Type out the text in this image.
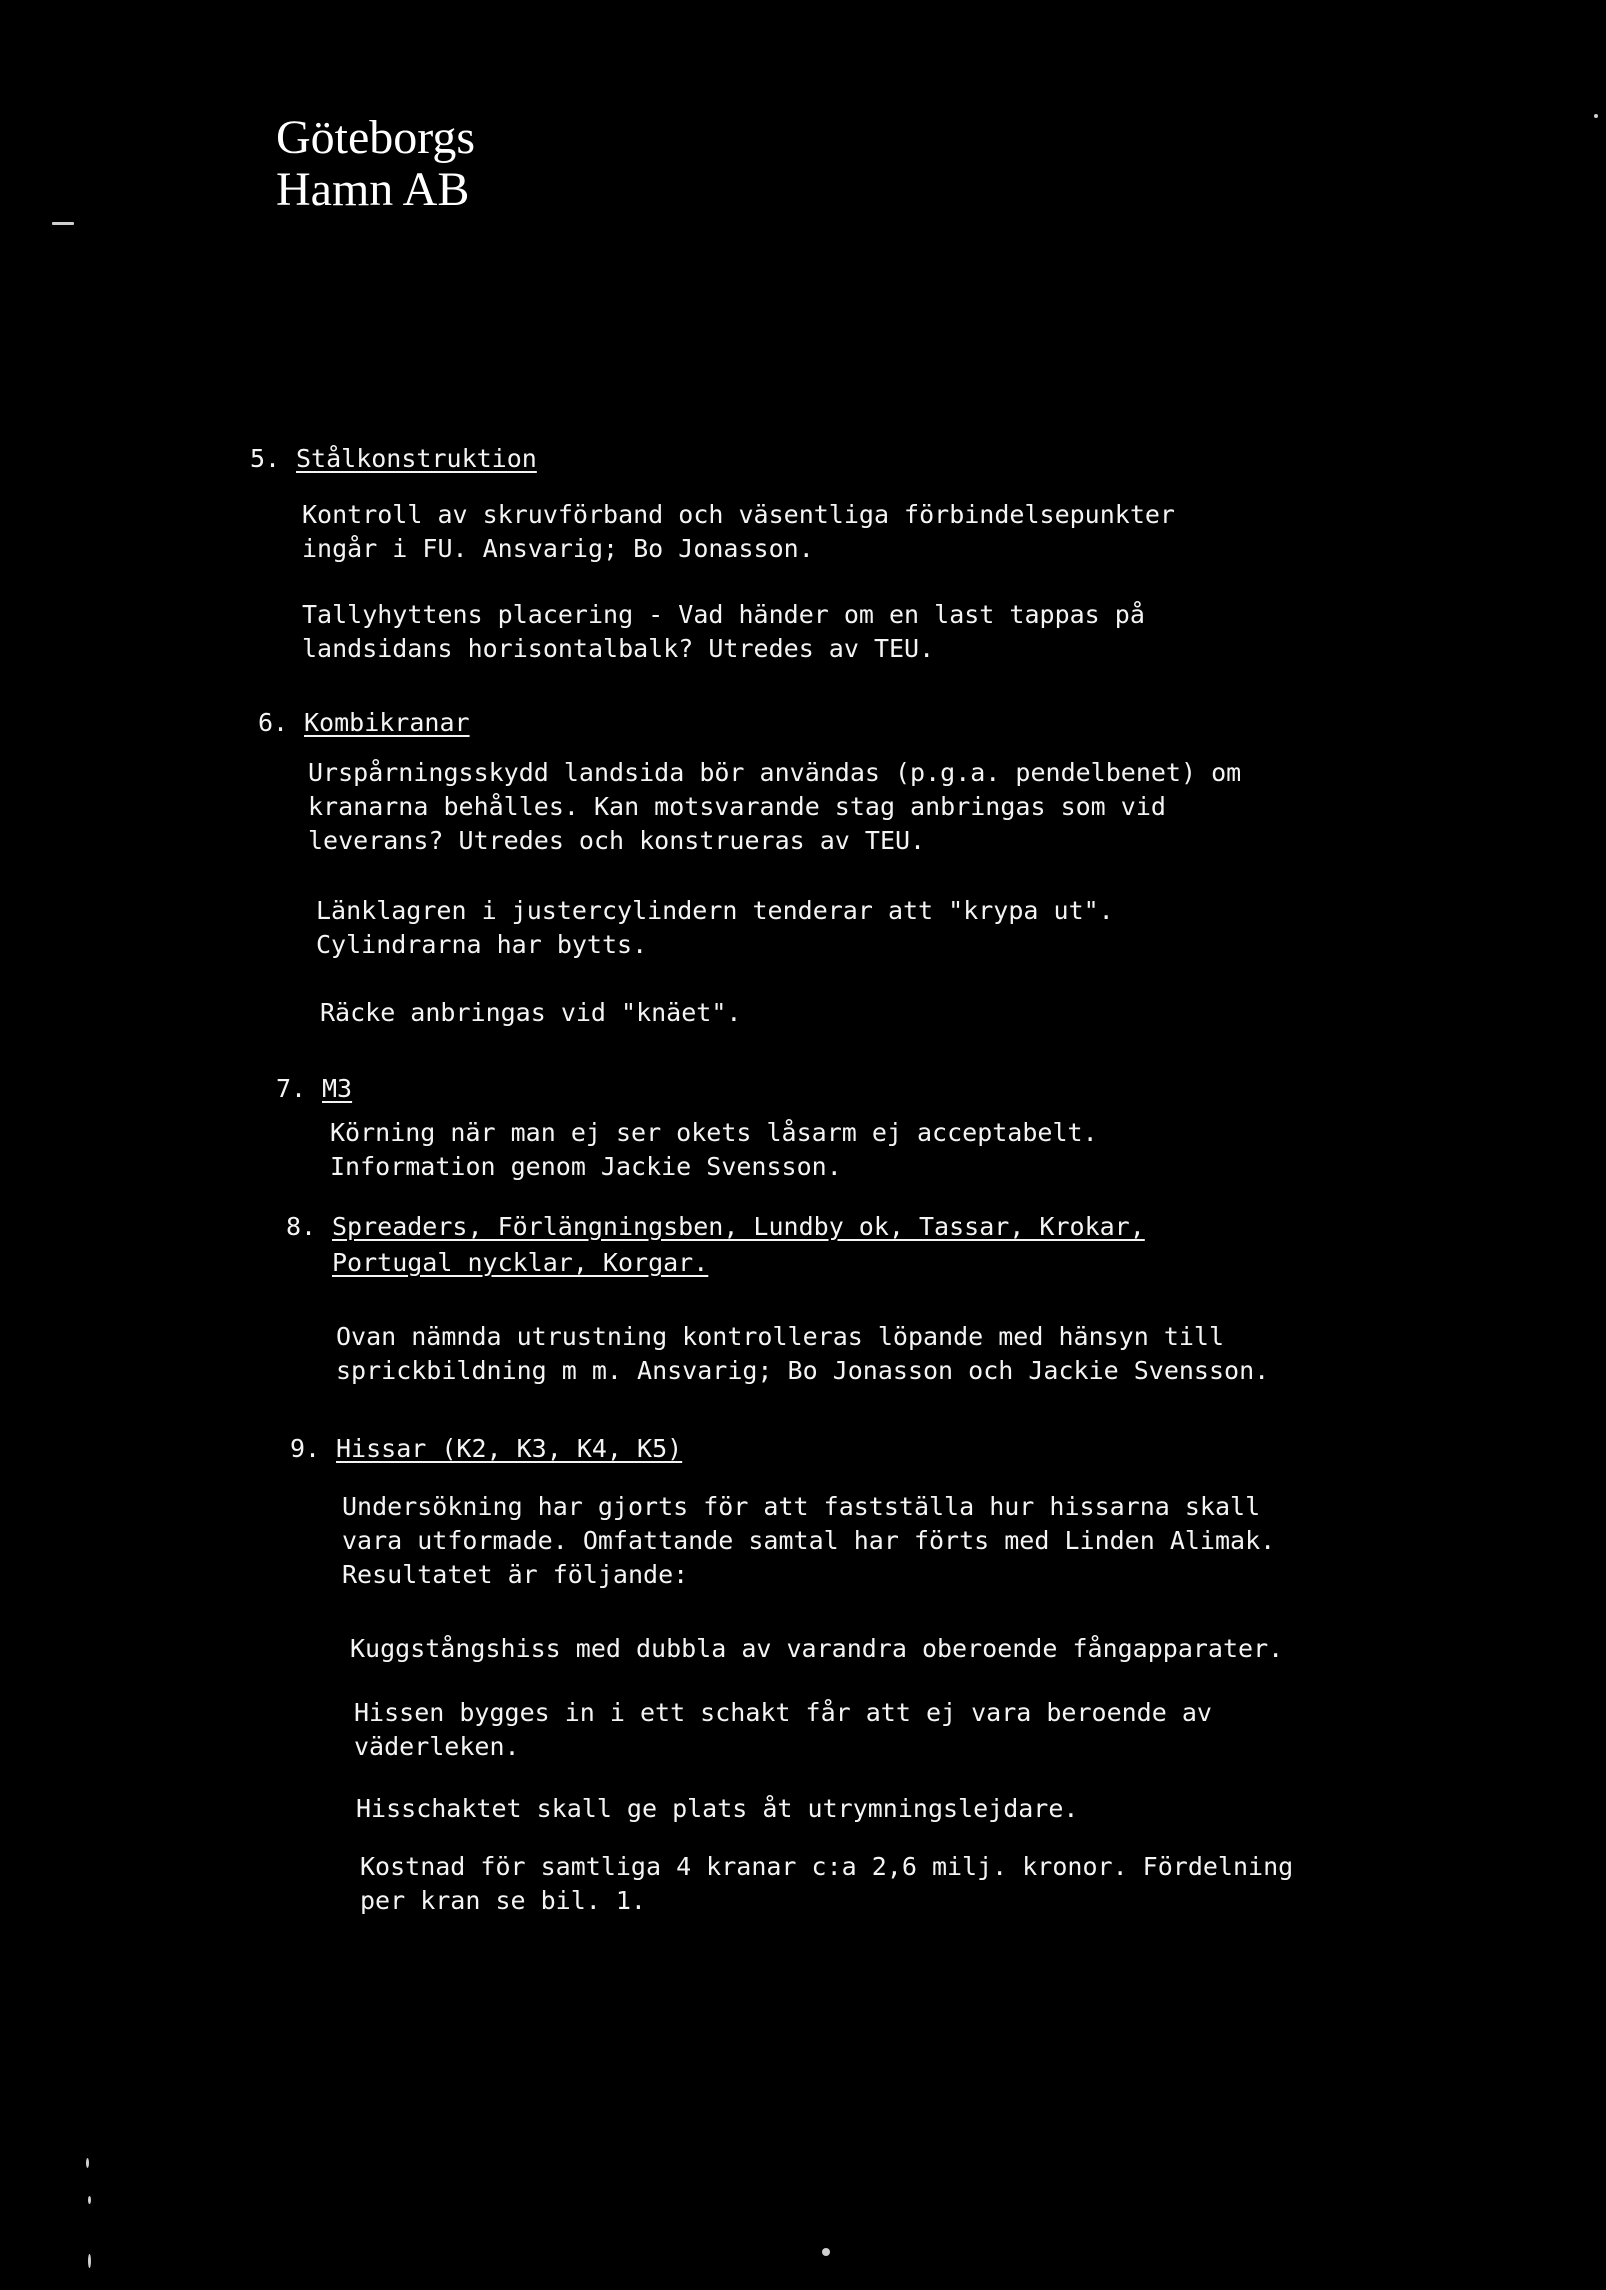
Göteborgs
Hamn AB
5. Stålkonstruktion
Kontroll av skruvförband och väsentliga förbindelsepunkter
ingår i FU. Ansvarig; Bo Jonasson.
Tallyhyttens placering - Vad händer om en last tappas på
landsidans horisontalbalk? Utredes av TEU.
6. Kombikranar
Urspårningsskydd landsida bör användas (p.g.a. pendelbenet) om
kranarna behålles. Kan motsvarande stag anbringas som vid
leverans? Utredes och konstrueras av TEU.
Länklagren i justercylindern tenderar att "krypa ut".
Cylindrarna har bytts.
Räcke anbringas vid "knäet".
7. M3
Körning när man ej ser okets låsarm ej acceptabelt.
Information genom Jackie Svensson.
8. Spreaders, Förlängningsben, Lundby ok, Tassar, Krokar,
Portugal nycklar, Korgar.
Ovan nämnda utrustning kontrolleras löpande med hänsyn till
sprickbildning m m. Ansvarig; Bo Jonasson och Jackie Svensson.
9. Hissar (K2, K3, K4, K5)
Undersökning har gjorts för att fastställa hur hissarna skall
vara utformade. Omfattande samtal har förts med Linden Alimak.
Resultatet är följande:
Kuggstångshiss med dubbla av varandra oberoende fångapparater.
Hissen bygges in i ett schakt får att ej vara beroende av
väderleken.
Hisschaktet skall ge plats åt utrymningslejdare.
Kostnad för samtliga 4 kranar c:a 2,6 milj. kronor. Fördelning
per kran se bil. 1.
